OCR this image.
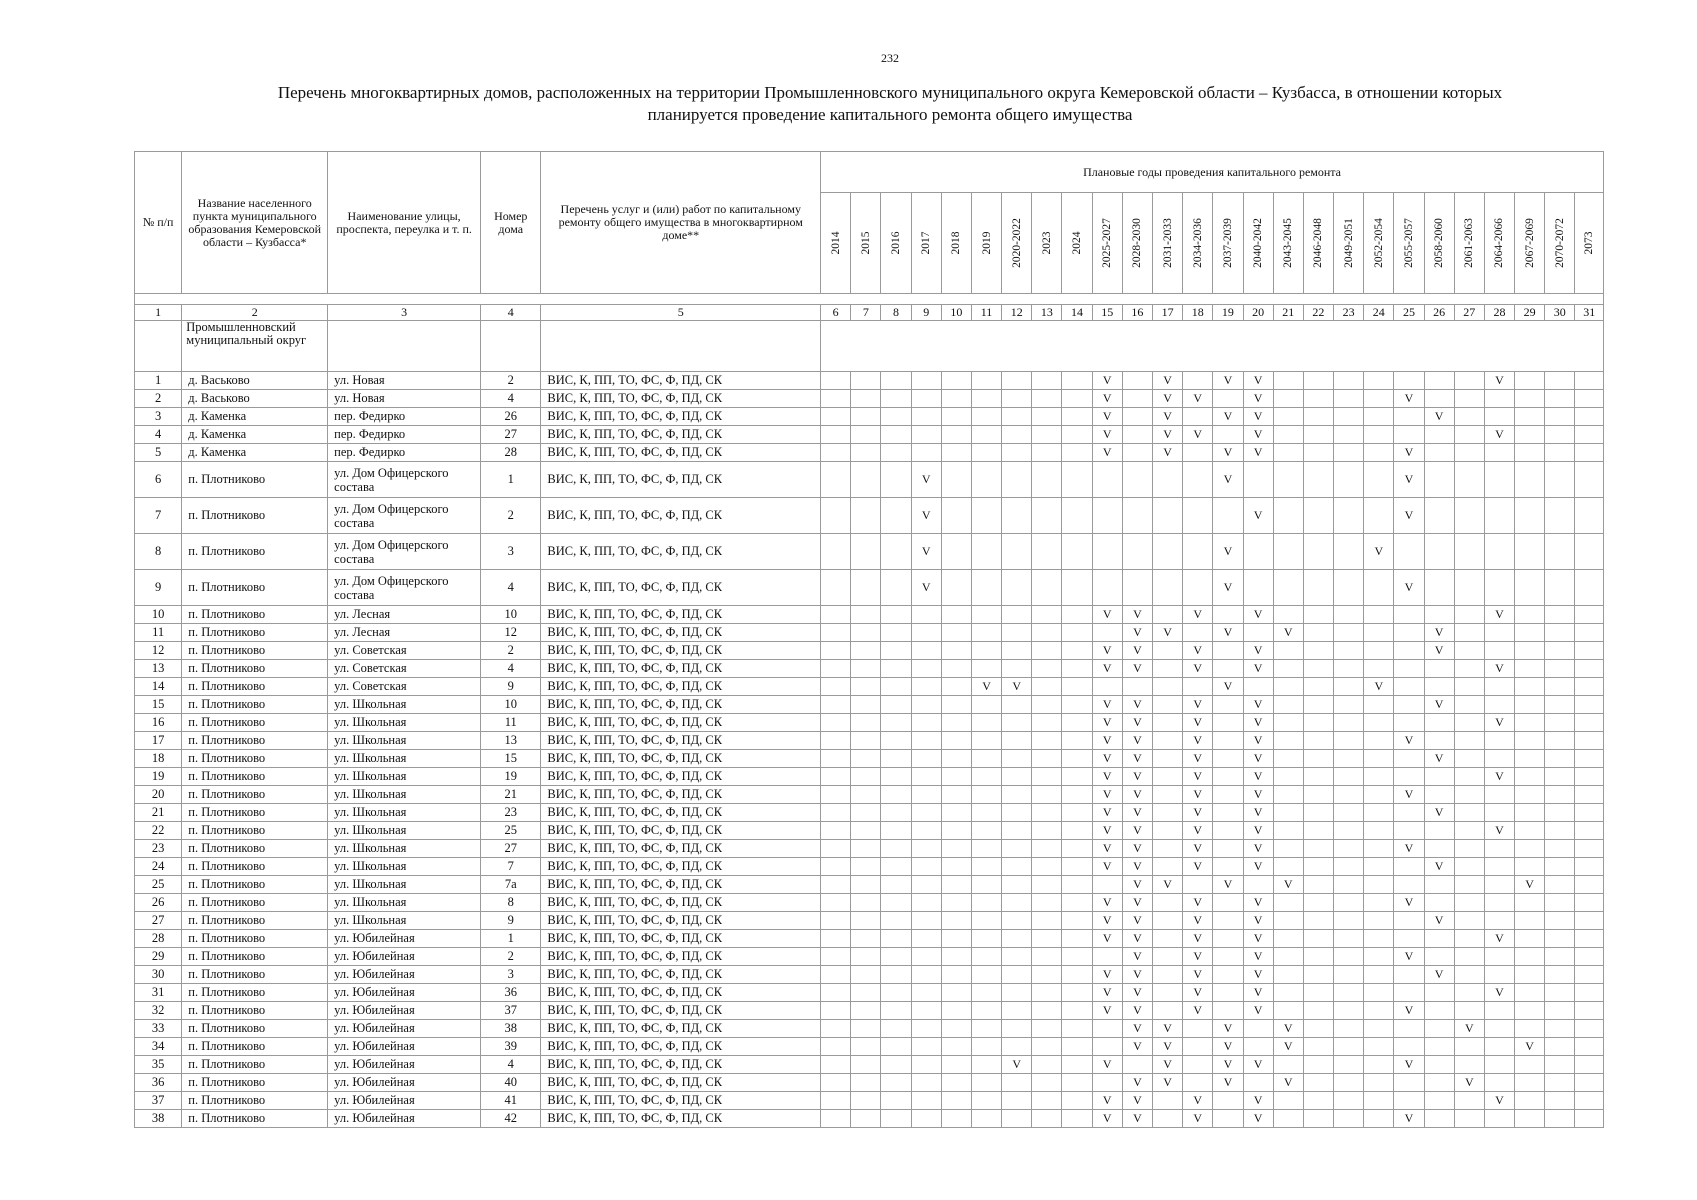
232
Перечень многоквартирных домов, расположенных на территории Промышленновского муниципального округа Кемеровской области – Кузбасса, в отношении которых
планируется проведение капитального ремонта общего имущества
№ п/п	Название населенного пункта муниципального образования Кемеровской области – Кузбасса*	Наименование улицы, проспекта, переулка и т. п.	Номер дома	Перечень услуг и (или) работ по капитальному ремонту общего имущества в многоквартирном доме**	Плановые годы проведения капитального ремонта																									

					2014	2015	2016	2017	2018	2019	2020-2022	2023	2024	2025-2027	2028-2030	2031-2033	2034-2036	2037-2039	2040-2042	2043-2045	2046-2048	2049-2051	2052-2054	2055-2057	2058-2060	2061-2063	2064-2066	2067-2069	2070-2072	2073

1	2	3	4	5	6	7	8	9	10	11	12	13	14	15	16	17	18	19	20	21	22	23	24	25	26	27	28	29	30	31
	Промышленновский муниципальный округ																													
1	д. Васьково	ул. Новая	2	ВИС, К, ПП, ТО, ФС, Ф, ПД, СК										V		V		V	V								V			
2	д. Васьково	ул. Новая	4	ВИС, К, ПП, ТО, ФС, Ф, ПД, СК										V		V	V		V					V						
3	д. Каменка	пер. Федирко	26	ВИС, К, ПП, ТО, ФС, Ф, ПД, СК										V		V		V	V						V					
4	д. Каменка	пер. Федирко	27	ВИС, К, ПП, ТО, ФС, Ф, ПД, СК										V		V	V		V								V			
5	д. Каменка	пер. Федирко	28	ВИС, К, ПП, ТО, ФС, Ф, ПД, СК										V		V		V	V					V						
6	п. Плотниково	ул. Дом Офицерского состава	1	ВИС, К, ПП, ТО, ФС, Ф, ПД, СК				V										V						V						
7	п. Плотниково	ул. Дом Офицерского состава	2	ВИС, К, ПП, ТО, ФС, Ф, ПД, СК				V											V					V						
8	п. Плотниково	ул. Дом Офицерского состава	3	ВИС, К, ПП, ТО, ФС, Ф, ПД, СК				V										V					V							
9	п. Плотниково	ул. Дом Офицерского состава	4	ВИС, К, ПП, ТО, ФС, Ф, ПД, СК				V										V						V						
10	п. Плотниково	ул. Лесная	10	ВИС, К, ПП, ТО, ФС, Ф, ПД, СК										V	V		V		V								V			
11	п. Плотниково	ул. Лесная	12	ВИС, К, ПП, ТО, ФС, Ф, ПД, СК											V	V		V		V					V					
12	п. Плотниково	ул. Советская	2	ВИС, К, ПП, ТО, ФС, Ф, ПД, СК										V	V		V		V						V					
13	п. Плотниково	ул. Советская	4	ВИС, К, ПП, ТО, ФС, Ф, ПД, СК										V	V		V		V								V			
14	п. Плотниково	ул. Советская	9	ВИС, К, ПП, ТО, ФС, Ф, ПД, СК						V	V							V					V							
15	п. Плотниково	ул. Школьная	10	ВИС, К, ПП, ТО, ФС, Ф, ПД, СК										V	V		V		V						V					
16	п. Плотниково	ул. Школьная	11	ВИС, К, ПП, ТО, ФС, Ф, ПД, СК										V	V		V		V								V			
17	п. Плотниково	ул. Школьная	13	ВИС, К, ПП, ТО, ФС, Ф, ПД, СК										V	V		V		V					V						
18	п. Плотниково	ул. Школьная	15	ВИС, К, ПП, ТО, ФС, Ф, ПД, СК										V	V		V		V						V					
19	п. Плотниково	ул. Школьная	19	ВИС, К, ПП, ТО, ФС, Ф, ПД, СК										V	V		V		V								V			
20	п. Плотниково	ул. Школьная	21	ВИС, К, ПП, ТО, ФС, Ф, ПД, СК										V	V		V		V					V						
21	п. Плотниково	ул. Школьная	23	ВИС, К, ПП, ТО, ФС, Ф, ПД, СК										V	V		V		V						V					
22	п. Плотниково	ул. Школьная	25	ВИС, К, ПП, ТО, ФС, Ф, ПД, СК										V	V		V		V								V			
23	п. Плотниково	ул. Школьная	27	ВИС, К, ПП, ТО, ФС, Ф, ПД, СК										V	V		V		V					V						
24	п. Плотниково	ул. Школьная	7	ВИС, К, ПП, ТО, ФС, Ф, ПД, СК										V	V		V		V						V					
25	п. Плотниково	ул. Школьная	7а	ВИС, К, ПП, ТО, ФС, Ф, ПД, СК											V	V		V		V								V		
26	п. Плотниково	ул. Школьная	8	ВИС, К, ПП, ТО, ФС, Ф, ПД, СК										V	V		V		V					V						
27	п. Плотниково	ул. Школьная	9	ВИС, К, ПП, ТО, ФС, Ф, ПД, СК										V	V		V		V						V					
28	п. Плотниково	ул. Юбилейная	1	ВИС, К, ПП, ТО, ФС, Ф, ПД, СК										V	V		V		V								V			
29	п. Плотниково	ул. Юбилейная	2	ВИС, К, ПП, ТО, ФС, Ф, ПД, СК											V		V		V					V						
30	п. Плотниково	ул. Юбилейная	3	ВИС, К, ПП, ТО, ФС, Ф, ПД, СК										V	V		V		V						V					
31	п. Плотниково	ул. Юбилейная	36	ВИС, К, ПП, ТО, ФС, Ф, ПД, СК										V	V		V		V								V			
32	п. Плотниково	ул. Юбилейная	37	ВИС, К, ПП, ТО, ФС, Ф, ПД, СК										V	V		V		V					V						
33	п. Плотниково	ул. Юбилейная	38	ВИС, К, ПП, ТО, ФС, Ф, ПД, СК											V	V		V		V						V				
34	п. Плотниково	ул. Юбилейная	39	ВИС, К, ПП, ТО, ФС, Ф, ПД, СК											V	V		V		V								V		
35	п. Плотниково	ул. Юбилейная	4	ВИС, К, ПП, ТО, ФС, Ф, ПД, СК							V			V		V		V	V					V						
36	п. Плотниково	ул. Юбилейная	40	ВИС, К, ПП, ТО, ФС, Ф, ПД, СК											V	V		V		V						V				
37	п. Плотниково	ул. Юбилейная	41	ВИС, К, ПП, ТО, ФС, Ф, ПД, СК										V	V		V		V								V			
38	п. Плотниково	ул. Юбилейная	42	ВИС, К, ПП, ТО, ФС, Ф, ПД, СК										V	V		V		V					V						
